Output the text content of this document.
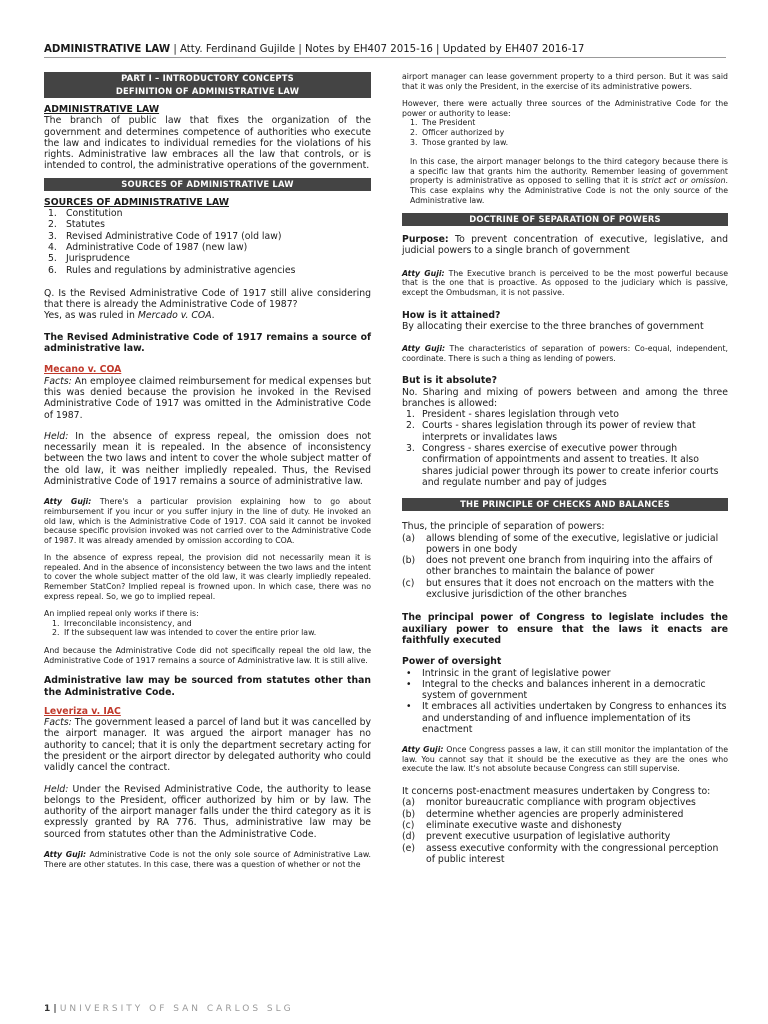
ADMINISTRATIVE LAW | Atty. Ferdinand Gujilde | Notes by EH407 2015-16 | Updated by EH407 2016-17
PART I – INTRODUCTORY CONCEPTS
DEFINITION OF ADMINISTRATIVE LAW

ADMINISTRATIVE LAW

The branch of public law that fixes the organization of the government and determines competence of authorities who execute the law and indicates to individual remedies for the violations of his rights. Administrative law embraces all the law that controls, or is intended to control, the administrative operations of the government.

SOURCES OF ADMINISTRATIVE LAW

SOURCES OF ADMINISTRATIVE LAW

1. Constitution
2. Statutes
3. Revised Administrative Code of 1917 (old law)
4. Administrative Code of 1987 (new law)
5. Jurisprudence
6. Rules and regulations by administrative agencies

Q. Is the Revised Administrative Code of 1917 still alive considering that there is already the Administrative Code of 1987?

Yes, as was ruled in Mercado v. COA.

The Revised Administrative Code of 1917 remains a source of administrative law.

Mecano v. COA

Facts: An employee claimed reimbursement for medical expenses but this was denied because the provision he invoked in the Revised Administrative Code of 1917 was omitted in the Administrative Code of 1987.

Held: In the absence of express repeal, the omission does not necessarily mean it is repealed. In the absence of inconsistency between the two laws and intent to cover the whole subject matter of the old law, it was neither impliedly repealed. Thus, the Revised Administrative Code of 1917 remains a source of administrative law.

Atty Guji: There's a particular provision explaining how to go about reimbursement if you incur or you suffer injury in the line of duty. He invoked an old law, which is the Administrative Code of 1917. COA said it cannot be invoked because specific provision invoked was not carried over to the Administrative Code of 1987. It was already amended by omission according to COA.

In the absence of express repeal, the provision did not necessarily mean it is repealed. And in the absence of inconsistency between the two laws and the intent to cover the whole subject matter of the old law, it was clearly impliedly repealed. Remember StatCon? Implied repeal is frowned upon. In which case, there was no express repeal. So, we go to implied repeal.

An implied repeal only works if there is:

1. Irreconcilable inconsistency, and
2. If the subsequent law was intended to cover the entire prior law.

And because the Administrative Code did not specifically repeal the old law, the Administrative Code of 1917 remains a source of Administrative law. It is still alive.

Administrative law may be sourced from statutes other than the Administrative Code.

Leveriza v. IAC

Facts: The government leased a parcel of land but it was cancelled by the airport manager. It was argued the airport manager has no authority to cancel; that it is only the department secretary acting for the president or the airport director by delegated authority who could validly cancel the contract.

Held: Under the Revised Administrative Code, the authority to lease belongs to the President, officer authorized by him or by law. The authority of the airport manager falls under the third category as it is expressly granted by RA 776. Thus, administrative law may be sourced from statutes other than the Administrative Code.

Atty Guji: Administrative Code is not the only sole source of Administrative Law. There are other statutes. In this case, there was a question of whether or not the

airport manager can lease government property to a third person. But it was said that it was only the President, in the exercise of its administrative powers.

However, there were actually three sources of the Administrative Code for the power or authority to lease:

1. The President
2. Officer authorized by
3. Those granted by law.

In this case, the airport manager belongs to the third category because there is a specific law that grants him the authority. Remember leasing of government property is administrative as opposed to selling that it is strict act or omission. This case explains why the Administrative Code is not the only source of the Administrative law.

DOCTRINE OF SEPARATION OF POWERS

Purpose: To prevent concentration of executive, legislative, and judicial powers to a single branch of government

Atty Guji: The Executive branch is perceived to be the most powerful because that is the one that is proactive. As opposed to the judiciary which is passive, except the Ombudsman, it is not passive.

How is it attained?

By allocating their exercise to the three branches of government

Atty Guji: The characteristics of separation of powers: Co-equal, independent, coordinate. There is such a thing as lending of powers.

But is it absolute?

No. Sharing and mixing of powers between and among the three branches is allowed:

1. President - shares legislation through veto
2. Courts - shares legislation through its power of review that interprets or invalidates laws
3. Congress - shares exercise of executive power through confirmation of appointments and assent to treaties. It also shares judicial power through its power to create inferior courts and regulate number and pay of judges
THE PRINCIPLE OF CHECKS AND BALANCES

Thus, the principle of separation of powers:

(a)	allows blending of some of the executive, legislative or judicial powers in one body
(b)	does not prevent one branch from inquiring into the affairs of other branches to maintain the balance of power
(c)	but ensures that it does not encroach on the matters with the exclusive jurisdiction of the other branches

The principal power of Congress to legislate includes the auxiliary power to ensure that the laws it enacts are faithfully executed

Power of oversight

•	Intrinsic in the grant of legislative power
•	Integral to the checks and balances inherent in a democratic system of government
•	It embraces all activities undertaken by Congress to enhances its and understanding of and influence implementation of its enactment

Atty Guji: Once Congress passes a law, it can still monitor the implantation of the law. You cannot say that it should be the executive as they are the ones who execute the law. It's not absolute because Congress can still supervise.

It concerns post-enactment measures undertaken by Congress to:

(a)	monitor bureaucratic compliance with program objectives
(b)	determine whether agencies are properly administered
(c)	eliminate executive waste and dishonesty
(d)	prevent executive usurpation of legislative authority
(e)	assess executive conformity with the congressional perception of public interest
1 | UNIVERSITY OF SAN CARLOS SLG
